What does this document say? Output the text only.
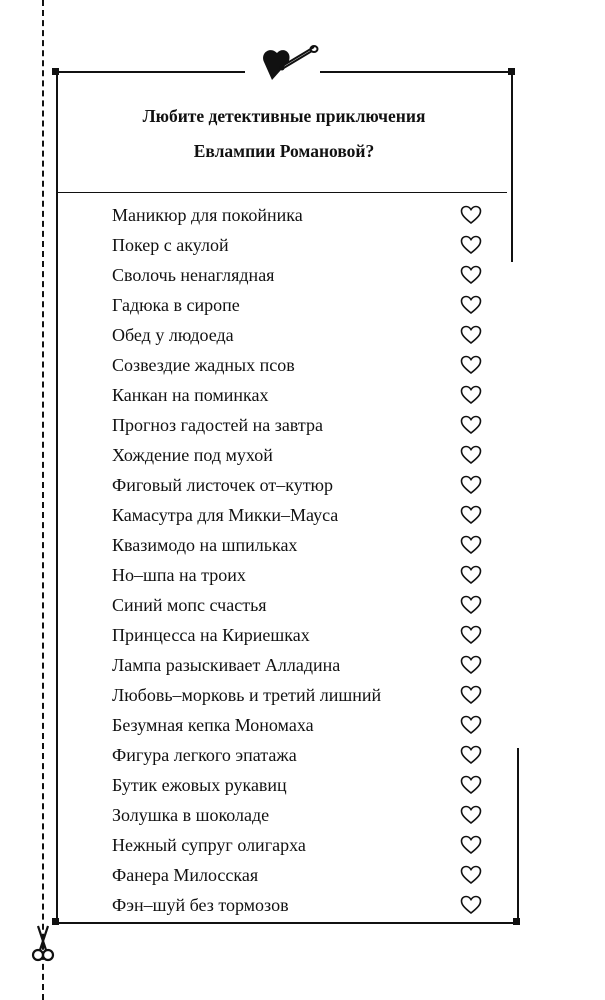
Любите детективные приключения
Евлампии Романовой?
Маникюр для покойника
Покер с акулой
Сволочь ненаглядная
Гадюка в сиропе
Обед у людоеда
Созвездие жадных псов
Канкан на поминках
Прогноз гадостей на завтра
Хождение под мухой
Фиговый листочек от–кутюр
Камасутра для Микки–Мауса
Квазимодо на шпильках
Но–шпа на троих
Синий мопс счастья
Принцесса на Кириешках
Лампа разыскивает Алладина
Любовь–морковь и третий лишний
Безумная кепка Мономаха
Фигура легкого эпатажа
Бутик ежовых рукавиц
Золушка в шоколаде
Нежный супруг олигарха
Фанера Милосская
Фэн–шуй без тормозов
